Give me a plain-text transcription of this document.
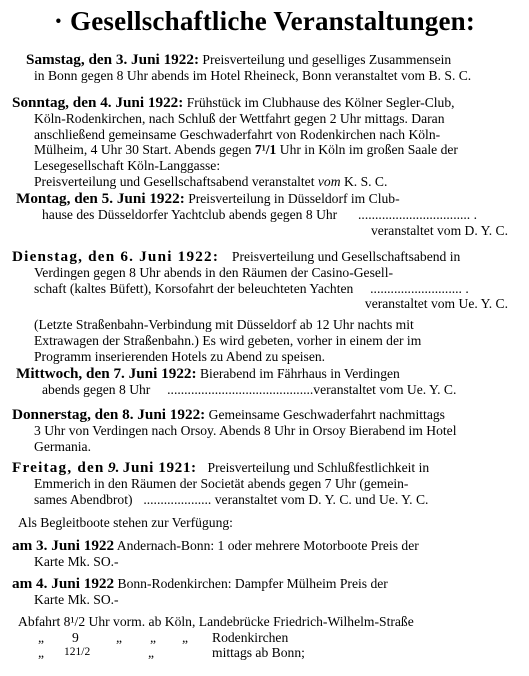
· Gesellschaftliche Veranstaltungen:
Samstag, den 3. Juni 1922: Preisverteilung und geselliges Zusammensein
in Bonn gegen 8 Uhr abends im Hotel Rheineck, Bonn veranstaltet vom B. S. C.
Sonntag, den 4. Juni 1922: Frühstück im Clubhause des Kölner Segler-Club,
Köln-Rodenkirchen, nach Schluß der Wettfahrt gegen 2 Uhr mittags. Daran
anschließend gemeinsame Geschwaderfahrt von Rodenkirchen nach Köln-
Mülheim, 4 Uhr 30 Start. Abends gegen 7¹/1 Uhr in Köln im großen Saale der
Lesegesellschaft Köln-Langgasse:
Preisverteilung und Gesellschaftsabend veranstaltet vom K. S. C.
Montag, den 5. Juni 1922: Preisverteilung in Düsseldorf im Club-
hause des Düsseldorfer Yachtclub abends gegen 8 Uhr ................................. .
veranstaltet vom D. Y. C.
Dienstag, den 6. Juni 1922: Preisverteilung und Gesellschaftsabend in
Verdingen gegen 8 Uhr abends in den Räumen der Casino-Gesell-
schaft (kaltes Büfett), Korsofahrt der beleuchteten Yachten ........................... .
veranstaltet vom Ue. Y. C.
(Letzte Straßenbahn-Verbindung mit Düsseldorf ab 12 Uhr nachts mit
Extrawagen der Straßenbahn.) Es wird gebeten, vorher in einem der im
Programm inserierenden Hotels zu Abend zu speisen.
Mittwoch, den 7. Juni 1922: Bierabend im Fährhaus in Verdingen
abends gegen 8 Uhr ...........................................veranstaltet vom Ue. Y. C.
Donnerstag, den 8. Juni 1922: Gemeinsame Geschwaderfahrt nachmittags
3 Uhr von Verdingen nach Orsoy. Abends 8 Uhr in Orsoy Bierabend im Hotel
Germania.
Freitag, den 9. Juni 1921: Preisverteilung und Schlußfestlichkeit in
Emmerich in den Räumen der Societät abends gegen 7 Uhr (gemein-
sames Abendbrot) .................... veranstaltet vom D. Y. C. und Ue. Y. C.
Als Begleitboote stehen zur Verfügung:
am 3. Juni 1922 Andernach-Bonn: 1 oder mehrere Motorboote Preis der
Karte Mk. SO.-
am 4. Juni 1922 Bonn-Rodenkirchen: Dampfer Mülheim Preis der
Karte Mk. SO.-
Abfahrt 8¹/2 Uhr vorm. ab Köln, Landebrücke Friedrich-Wilhelm-Straße
„ 9	„ „ „ Rodenkirchen
„ 121/2	„	mittags ab Bonn;
